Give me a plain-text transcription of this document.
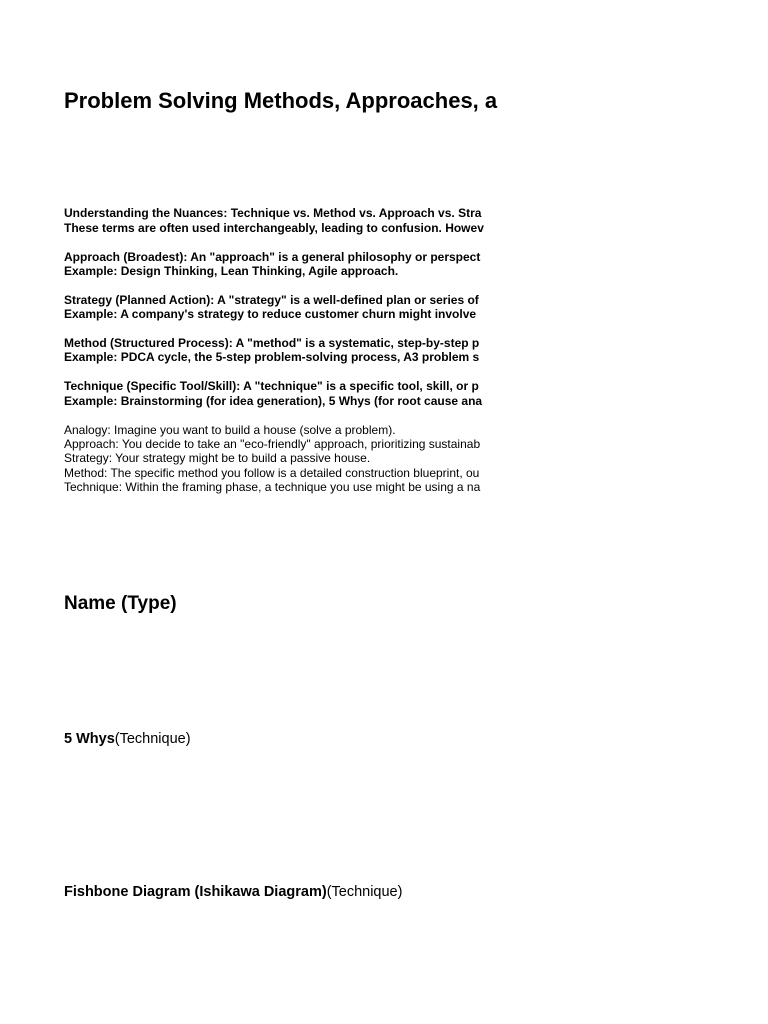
Problem Solving Methods, Approaches, a
Understanding the Nuances: Technique vs. Method vs. Approach vs. Stra
These terms are often used interchangeably, leading to confusion. Howev
Approach (Broadest): An "approach" is a general philosophy or perspect
Example: Design Thinking, Lean Thinking, Agile approach.
Strategy (Planned Action): A "strategy" is a well-defined plan or series of
Example: A company's strategy to reduce customer churn might involve
Method (Structured Process): A "method" is a systematic, step-by-step p
Example: PDCA cycle, the 5-step problem-solving process, A3 problem s
Technique (Specific Tool/Skill): A "technique" is a specific tool, skill, or p
Example: Brainstorming (for idea generation), 5 Whys (for root cause ana
Analogy: Imagine you want to build a house (solve a problem).
Approach: You decide to take an "eco-friendly" approach, prioritizing sustainab
Strategy: Your strategy might be to build a passive house.
Method: The specific method you follow is a detailed construction blueprint, ou
Technique: Within the framing phase, a technique you use might be using a na
Name (Type)
5 Whys(Technique)
Fishbone Diagram (Ishikawa Diagram)(Technique)
